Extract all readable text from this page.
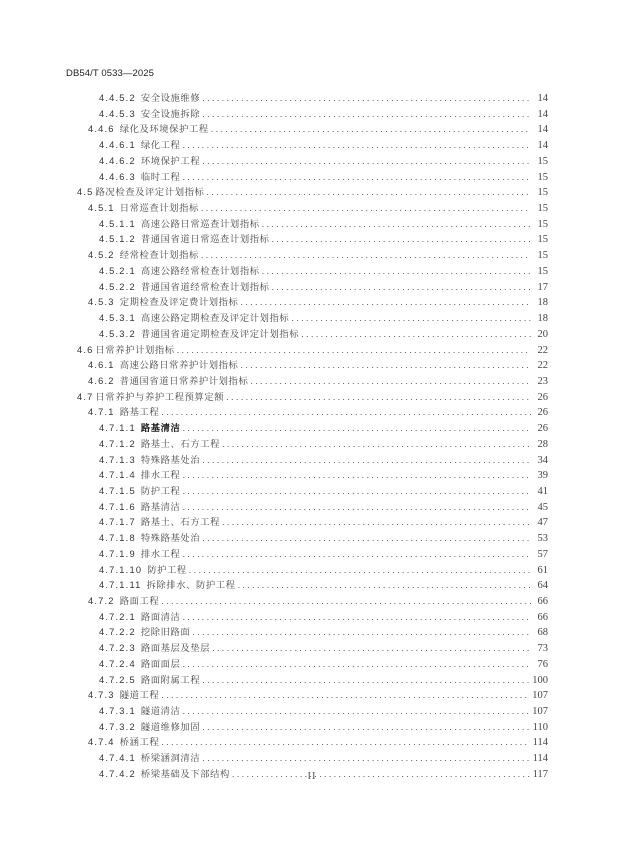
DB54/T 0533—2025
4.4.5.2 安全设施维修 .....	14
4.4.5.3 安全设施拆除 .....	14
4.4.6 绿化及环境保护工程 .....	14
4.4.6.1 绿化工程 .....	14
4.4.6.2 环境保护工程 .....	15
4.4.6.3 临时工程 .....	15
4.5 路况检查及评定计划指标 .....	15
4.5.1 日常巡查计划指标 .....	15
4.5.1.1 高速公路日常巡查计划指标 .....	15
4.5.1.2 普通国省道日常巡查计划指标 .....	15
4.5.2 经常检查计划指标 .....	15
4.5.2.1 高速公路经常检查计划指标 .....	15
4.5.2.2 普通国省道经常检查计划指标 .....	17
4.5.3 定期检查及评定费计划指标 .....	18
4.5.3.1 高速公路定期检查及评定计划指标 .....	18
4.5.3.2 普通国省道定期检查及评定计划指标 .....	20
4.6 日常养护计划指标 .....	22
4.6.1 高速公路日常养护计划指标 .....	22
4.6.2 普通国省道日常养护计划指标 .....	23
4.7 日常养护与养护工程预算定额 .....	26
4.7.1 路基工程 .....	26
4.7.1.1 路基清洁 .....	26
4.7.1.2 路基土、石方工程 .....	28
4.7.1.3 特殊路基处治 .....	34
4.7.1.4 排水工程 .....	39
4.7.1.5 防护工程 .....	41
4.7.1.6 路基清洁 .....	45
4.7.1.7 路基土、石方工程 .....	47
4.7.1.8 特殊路基处治 .....	53
4.7.1.9 排水工程 .....	57
4.7.1.10 防护工程 .....	61
4.7.1.11 拆除排水、防护工程 .....	64
4.7.2 路面工程 .....	66
4.7.2.1 路面清洁 .....	66
4.7.2.2 挖除旧路面 .....	68
4.7.2.3 路面基层及垫层 .....	73
4.7.2.4 路面面层 .....	76
4.7.2.5 路面附属工程 .....	100
4.7.3 隧道工程 .....	107
4.7.3.1 隧道清洁 .....	107
4.7.3.2 隧道维修加固 .....	110
4.7.4 桥涵工程 .....	114
4.7.4.1 桥梁涵洞清洁 .....	114
4.7.4.2 桥梁基础及下部结构 .....	117
II
